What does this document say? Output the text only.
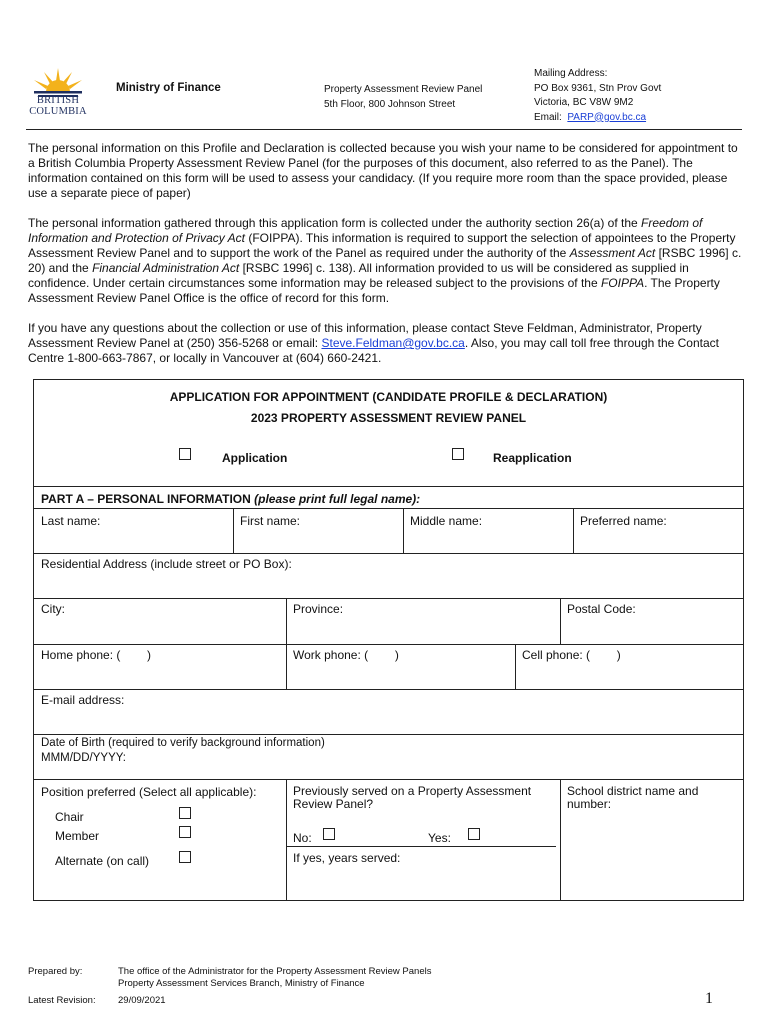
BRITISH
COLUMBIA
Ministry of Finance	Property Assessment Review Panel
5th Floor, 800 Johnson Street
Mailing Address:
PO Box 9361, Stn Prov Govt
Victoria, BC V8W 9M2
Email: PARP@gov.bc.ca

The personal information on this Profile and Declaration is collected because you wish your name to be considered for appointment to a British Columbia Property Assessment Review Panel (for the purposes of this document, also referred to as the Panel). The information contained on this form will be used to assess your candidacy. (If you require more room than the space provided, please use a separate piece of paper)

The personal information gathered through this application form is collected under the authority section 26(a) of the Freedom of Information and Protection of Privacy Act (FOIPPA). This information is required to support the selection of appointees to the Property Assessment Review Panel and to support the work of the Panel as required under the authority of the Assessment Act [RSBC 1996] c. 20) and the Financial Administration Act [RSBC 1996] c. 138). All information provided to us will be considered as supplied in confidence. Under certain circumstances some information may be released subject to the provisions of the FOIPPA. The Property Assessment Review Panel Office is the office of record for this form.

If you have any questions about the collection or use of this information, please contact Steve Feldman, Administrator, Property Assessment Review Panel at (250) 356-5268 or email: Steve.Feldman@gov.bc.ca. Also, you may call toll free through the Contact Centre 1-800-663-7867, or locally in Vancouver at (604) 660-2421.

APPLICATION FOR APPOINTMENT (CANDIDATE PROFILE & DECLARATION)
2023 PROPERTY ASSESSMENT REVIEW PANEL
Application	Reapplication
PART A – PERSONAL INFORMATION (please print full legal name):
Last name:	First name:	Middle name:	Preferred name:
Residential Address (include street or PO Box):
City:	Province:	Postal Code:
Home phone: (        )	Work phone: (        )	Cell phone: (        )
E-mail address:
Date of Birth (required to verify background information)
MMM/DD/YYYY:
Position preferred (Select all applicable):
Chair
Member
Alternate (on call)
Previously served on a Property Assessment Review Panel?
No:	Yes:
If yes, years served:
School district name and number:
Prepared by:	The office of the Administrator for the Property Assessment Review Panels
Property Assessment Services Branch, Ministry of Finance
Latest Revision: 29/09/2021	1
